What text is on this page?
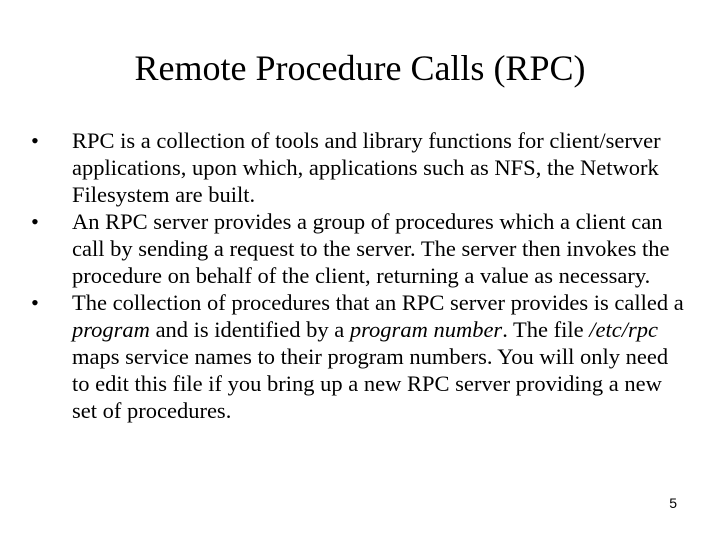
Remote Procedure Calls (RPC)
•	RPC is a collection of tools and library functions for client/server applications, upon which, applications such as NFS, the Network Filesystem are built.
•	An RPC server provides a group of procedures which a client can call by sending a request to the server. The server then invokes the procedure on behalf of the client, returning a value as necessary.
•	The collection of procedures that an RPC server provides is called a program and is identified by a program number. The file /etc/rpc maps service names to their program numbers. You will only need to edit this file if you bring up a new RPC server providing a new set of procedures.
5
